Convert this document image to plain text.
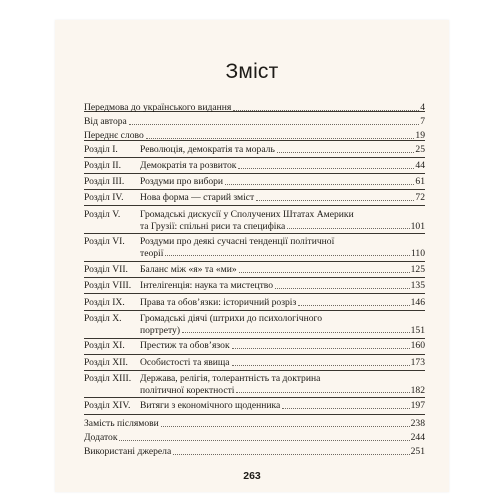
Зміст
Передмова до українського видання	4
Від автора	7
Переднє слово	19
Розділ I.	Революція, демократія та мораль	25
Розділ II.	Демократія та розвиток	44
Розділ III.	Роздуми про вибори	61
Розділ IV.	Нова форма — старий зміст	72
Розділ V.	Громадські дискусії у Сполучених Штатах Америки
та Грузії: спільні риси та специфіка	101
Розділ VI.	Роздуми про деякі сучасні тенденції політичної
теорії	110
Розділ VII.	Баланс між «я» та «ми»	125
Розділ VIII. Інтелігенція: наука та мистецтво	135
Розділ IX.	Права та обов’язки: історичний розріз	146
Розділ X.	Громадські діячі (штрихи до психологічного
портрету)	151
Розділ XI.	Престиж та обов’язок	160
Розділ XII.	Особистості та явища	173
Розділ XIII. Держава, релігія, толерантність та доктрина
політичної коректності	182
Розділ XIV. Витяги з економічного щоденника	197
Замість післямови	238
Додаток	244
Використані джерела	251
263
